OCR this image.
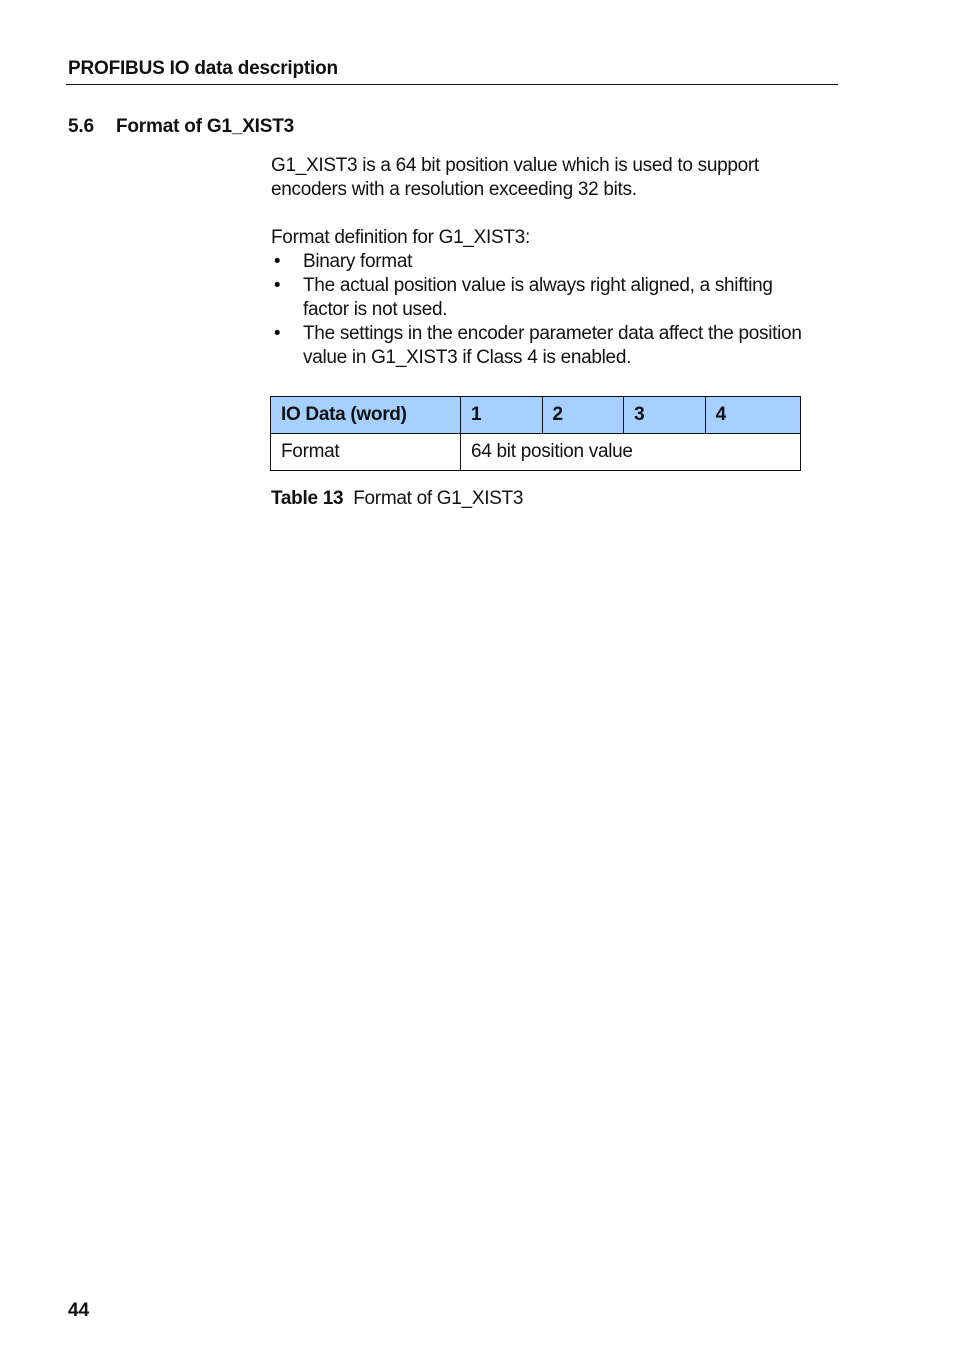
PROFIBUS IO data description
5.6 Format of G1_XIST3

G1_XIST3 is a 64 bit position value which is used to support
encoders with a resolution exceeding 32 bits.

Format definition for G1_XIST3:

• Binary format
• The actual position value is always right aligned, a shifting
factor is not used.
• The settings in the encoder parameter data affect the position
value in G1_XIST3 if Class 4 is enabled.
IO Data (word)	1	2	3	4
Format	64 bit position value			
Table 13 Format of G1_XIST3
44
